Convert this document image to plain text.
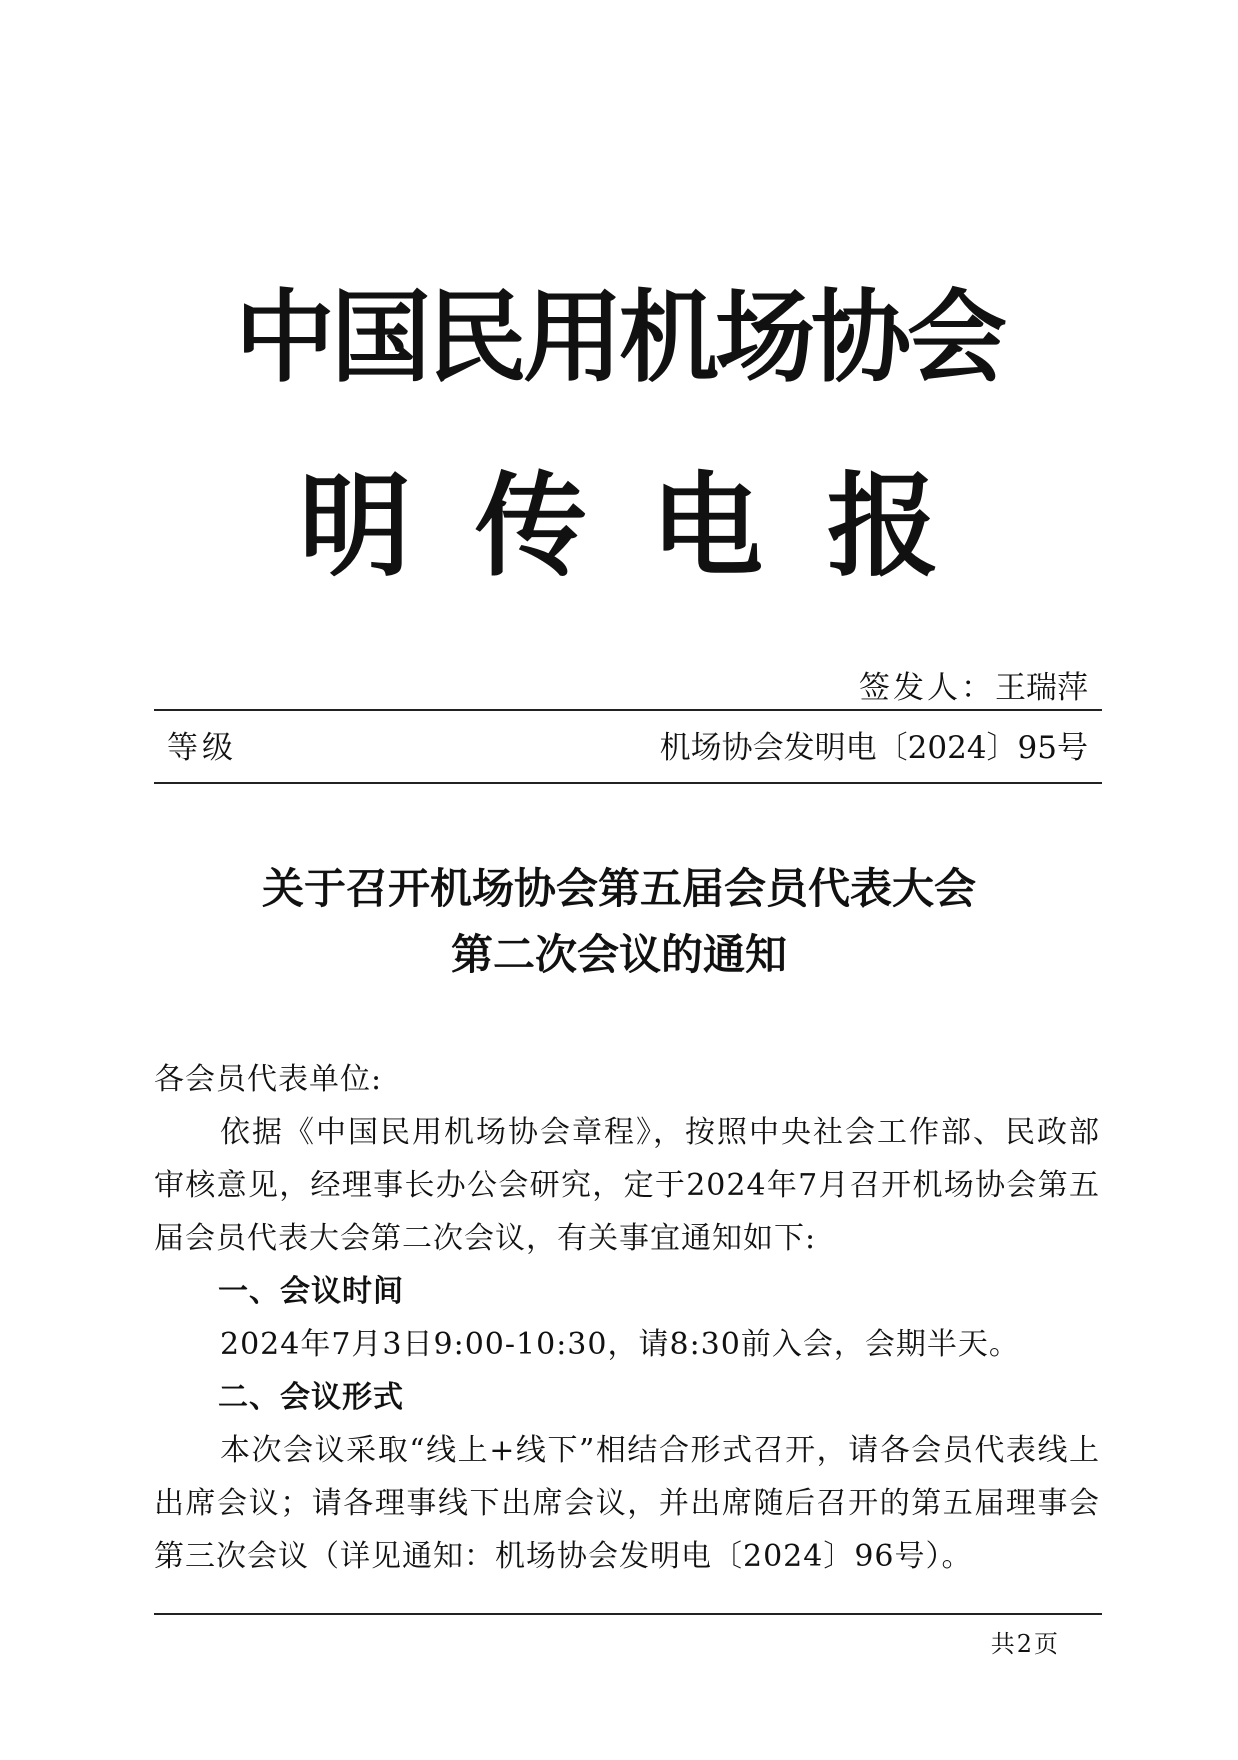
中国民用机场协会
明传电报
签发人：王瑞萍
等级	机场协会发明电〔2024〕95号
关于召开机场协会第五届会员代表大会
第二次会议的通知

各会员代表单位:

依据《中国民用机场协会章程》，按照中央社会工作部、民政部审核意见，经理事长办公会研究，定于2024年7月召开机场协会第五届会员代表大会第二次会议，有关事宜通知如下:

一、会议时间

2024年7月3日9:00-10:30，请8:30前入会，会期半天。

二、会议形式

本次会议采取“线上+线下”相结合形式召开，请各会员代表线上出席会议；请各理事线下出席会议，并出席随后召开的第五届理事会第三次会议（详见通知：机场协会发明电〔2024〕96号）。

共2页
